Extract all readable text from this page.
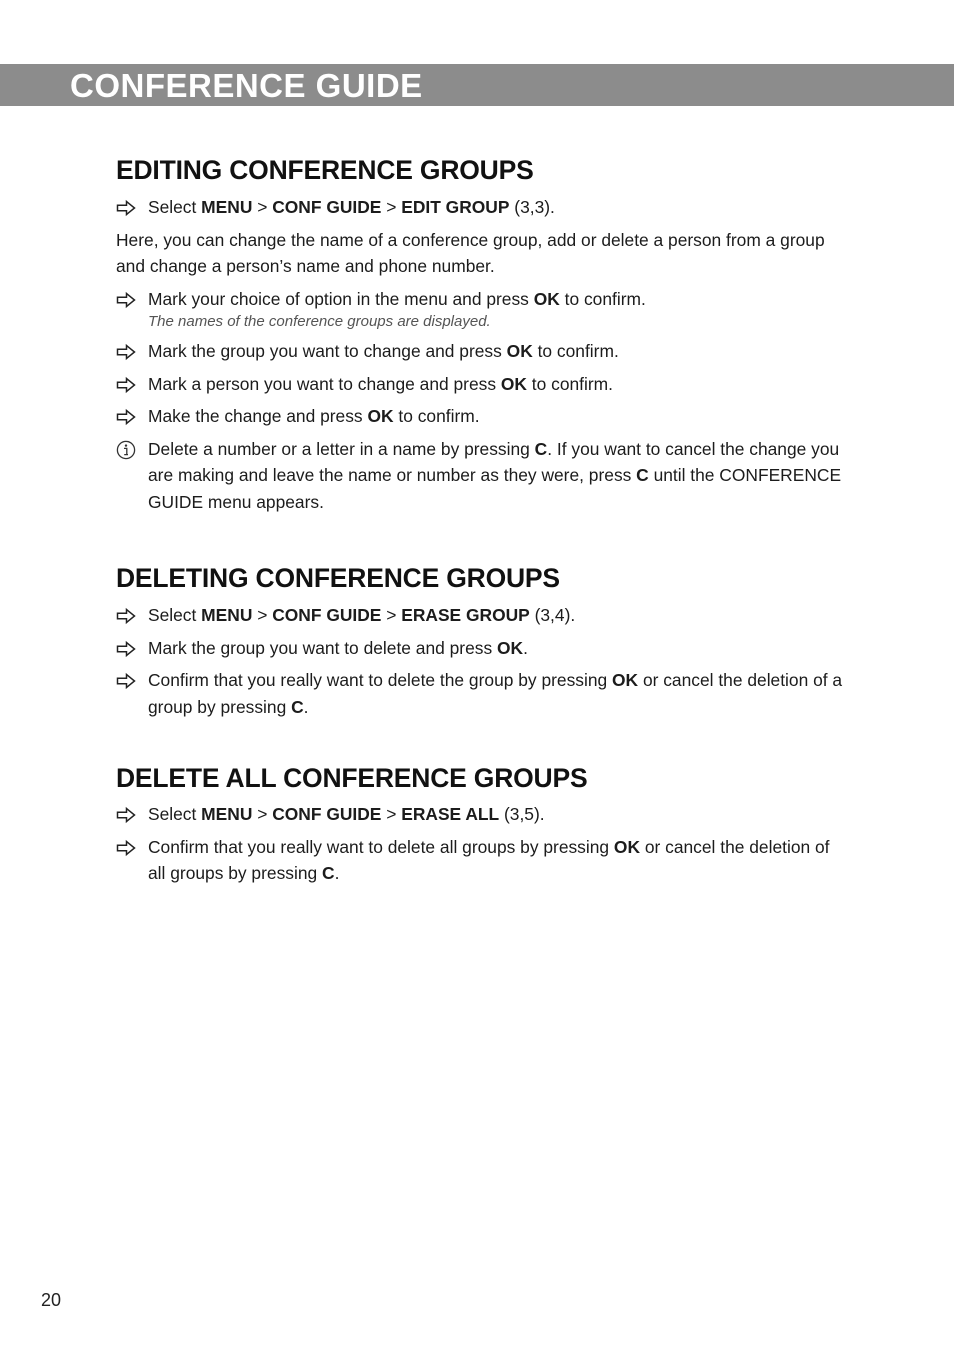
CONFERENCE GUIDE
EDITING CONFERENCE GROUPS
Select MENU > CONF GUIDE > EDIT GROUP (3,3).
Here, you can change the name of a conference group, add or delete a person from a group and change a person’s name and phone number.
Mark your choice of option in the menu and press OK to confirm.
The names of the conference groups are displayed.
Mark the group you want to change and press OK to confirm.
Mark a person you want to change and press OK to confirm.
Make the change and press OK to confirm.
Delete a number or a letter in a name by pressing C. If you want to cancel the change you are making and leave the name or number as they were, press C until the CONFERENCE GUIDE menu appears.
DELETING CONFERENCE GROUPS
Select MENU > CONF GUIDE > ERASE GROUP (3,4).
Mark the group you want to delete and press OK.
Confirm that you really want to delete the group by pressing OK or cancel the deletion of a group by pressing C.
DELETE ALL CONFERENCE GROUPS
Select MENU > CONF GUIDE > ERASE ALL (3,5).
Confirm that you really want to delete all groups by pressing OK or cancel the deletion of all groups by pressing C.
20
